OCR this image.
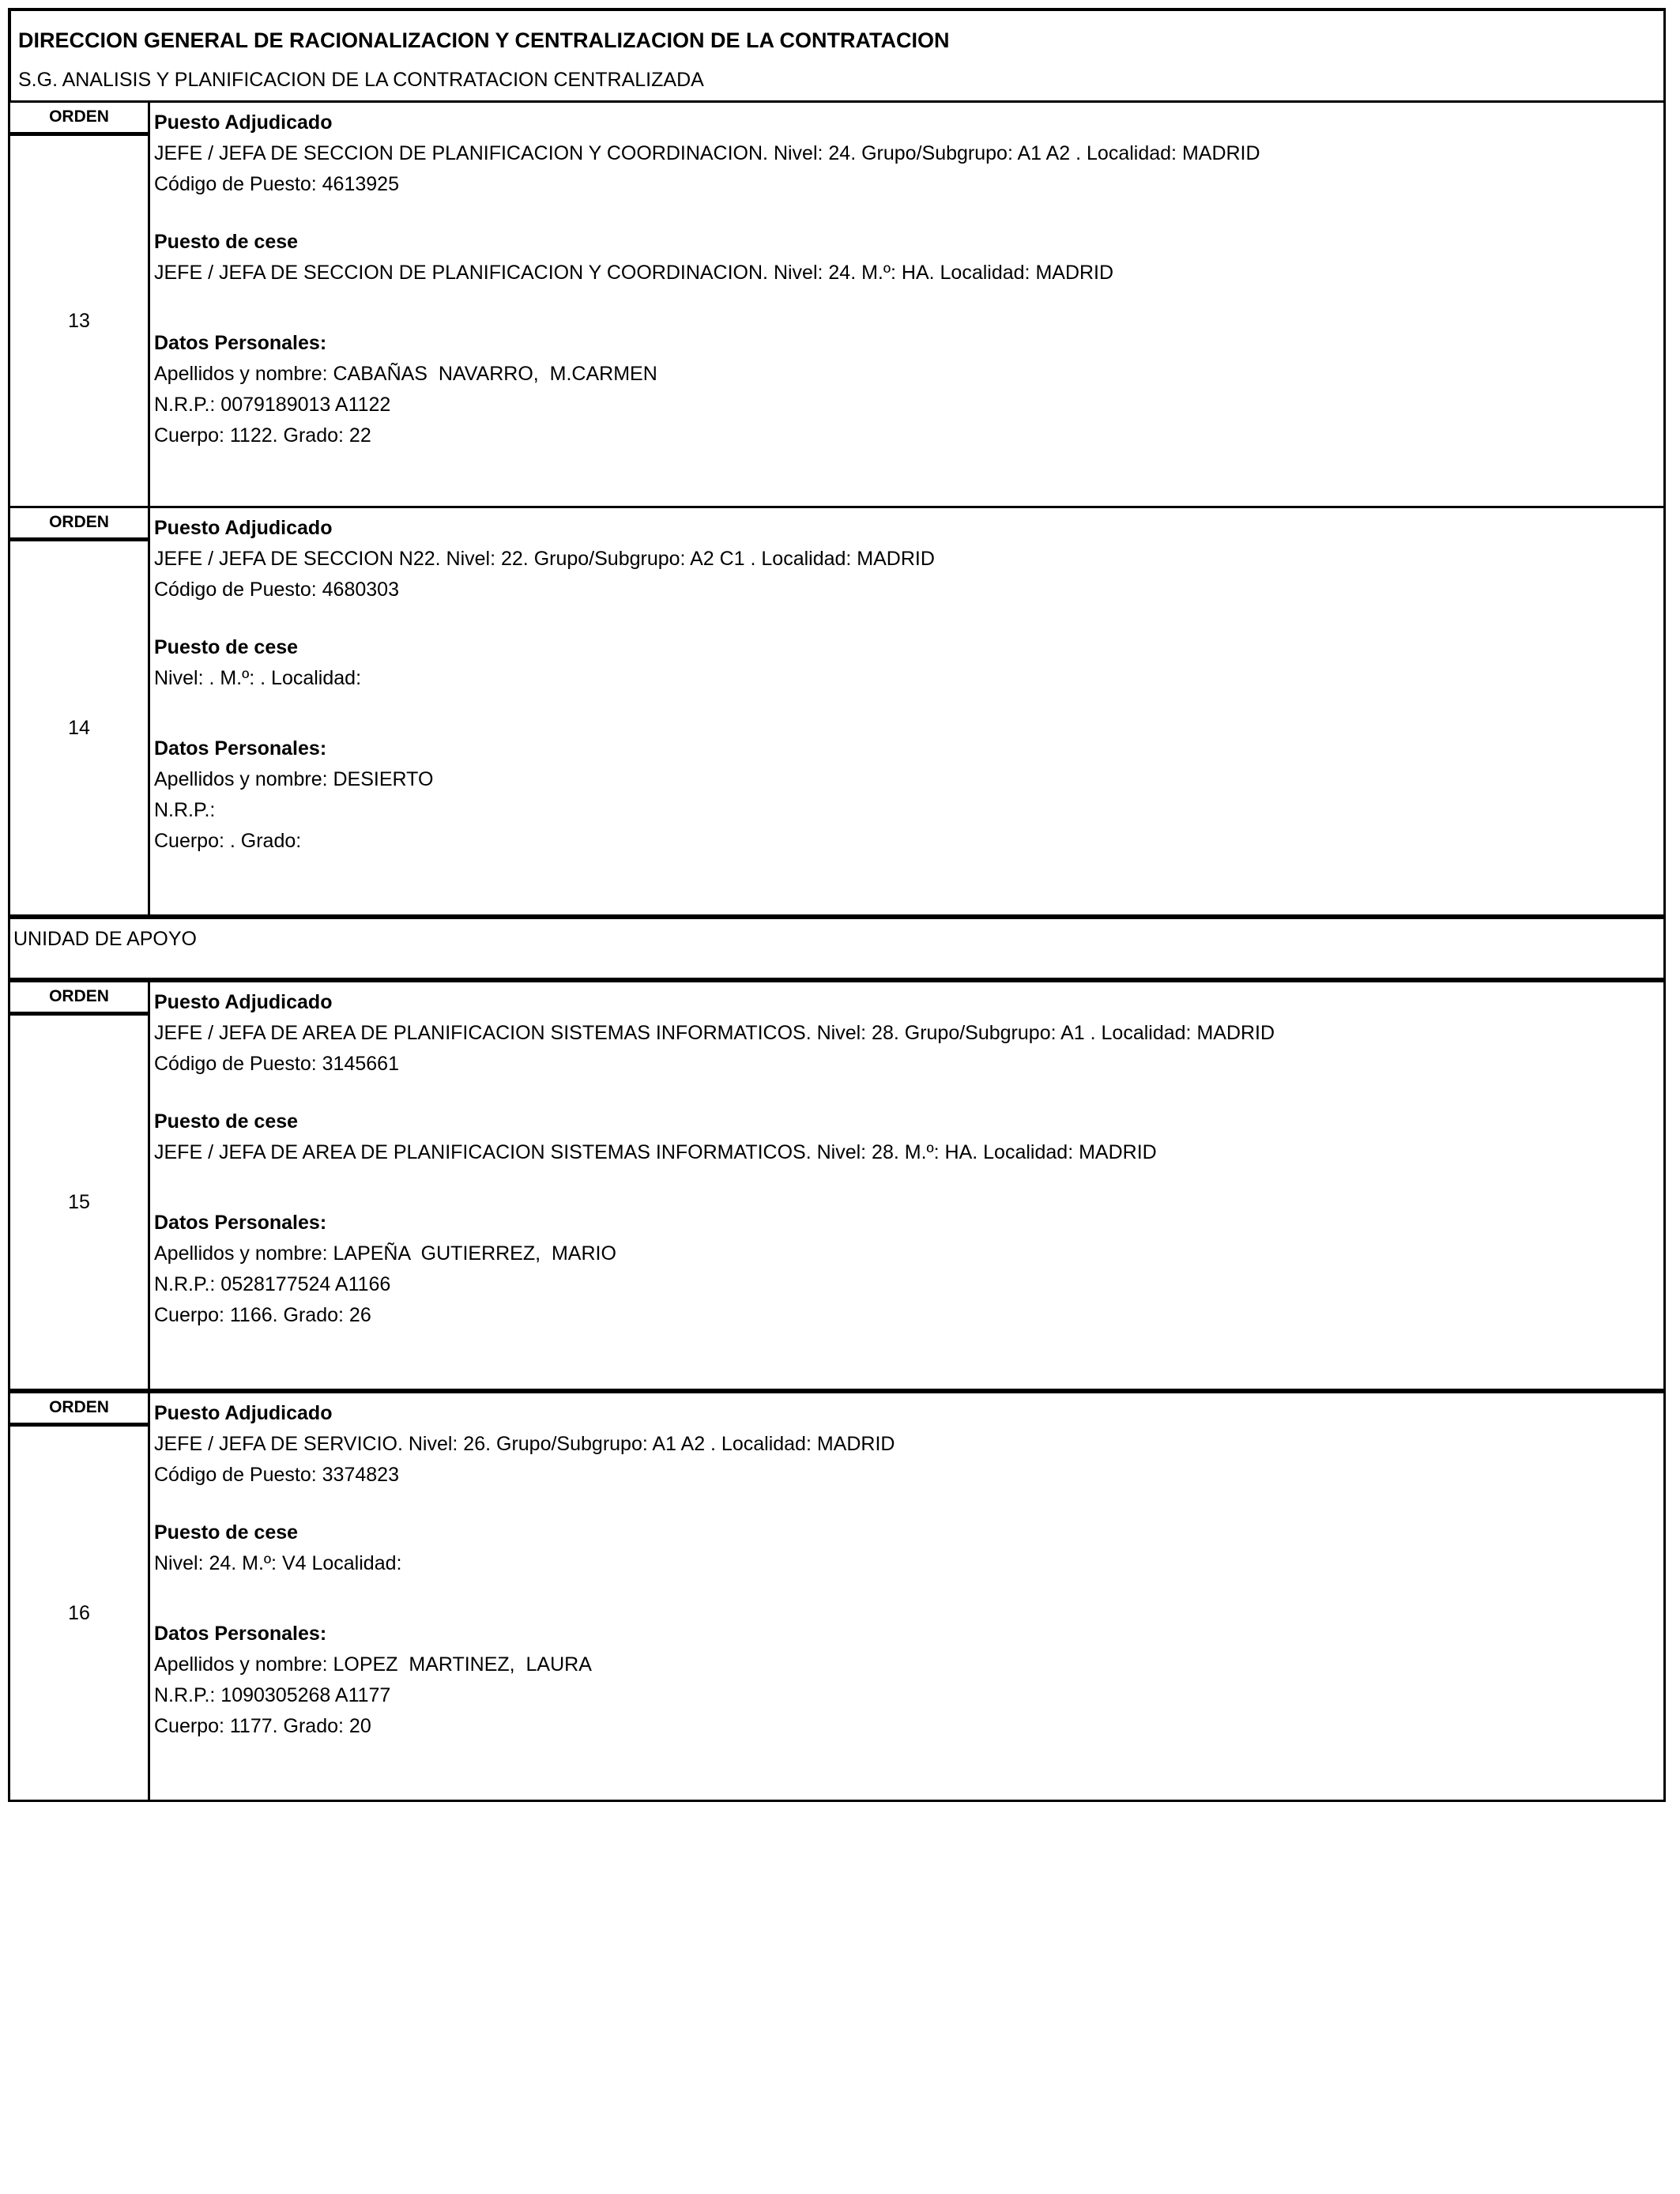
DIRECCION GENERAL DE RACIONALIZACION Y CENTRALIZACION DE LA CONTRATACION
S.G. ANALISIS Y PLANIFICACION DE LA CONTRATACION CENTRALIZADA
ORDEN
13
Puesto Adjudicado
JEFE / JEFA DE SECCION DE PLANIFICACION Y COORDINACION. Nivel: 24. Grupo/Subgrupo: A1 A2 . Localidad: MADRID
Código de Puesto: 4613925
Puesto de cese
JEFE / JEFA DE SECCION DE PLANIFICACION Y COORDINACION. Nivel: 24. M.º: HA. Localidad: MADRID
Datos Personales:
Apellidos y nombre: CABAÑAS  NAVARRO,  M.CARMEN
N.R.P.: 0079189013 A1122
Cuerpo: 1122. Grado: 22
ORDEN
14
Puesto Adjudicado
JEFE / JEFA DE SECCION N22. Nivel: 22. Grupo/Subgrupo: A2 C1 . Localidad: MADRID
Código de Puesto: 4680303
Puesto de cese
Nivel: . M.º: . Localidad:
Datos Personales:
Apellidos y nombre: DESIERTO
N.R.P.:
Cuerpo: . Grado:
UNIDAD DE APOYO
ORDEN
15
Puesto Adjudicado
JEFE / JEFA DE AREA DE PLANIFICACION SISTEMAS INFORMATICOS. Nivel: 28. Grupo/Subgrupo: A1 . Localidad: MADRID
Código de Puesto: 3145661
Puesto de cese
JEFE / JEFA DE AREA DE PLANIFICACION SISTEMAS INFORMATICOS. Nivel: 28. M.º: HA. Localidad: MADRID
Datos Personales:
Apellidos y nombre: LAPEÑA  GUTIERREZ,  MARIO
N.R.P.: 0528177524 A1166
Cuerpo: 1166. Grado: 26
ORDEN
16
Puesto Adjudicado
JEFE / JEFA DE SERVICIO. Nivel: 26. Grupo/Subgrupo: A1 A2 . Localidad: MADRID
Código de Puesto: 3374823
Puesto de cese
Nivel: 24. M.º: V4 Localidad:
Datos Personales:
Apellidos y nombre: LOPEZ  MARTINEZ,  LAURA
N.R.P.: 1090305268 A1177
Cuerpo: 1177. Grado: 20
